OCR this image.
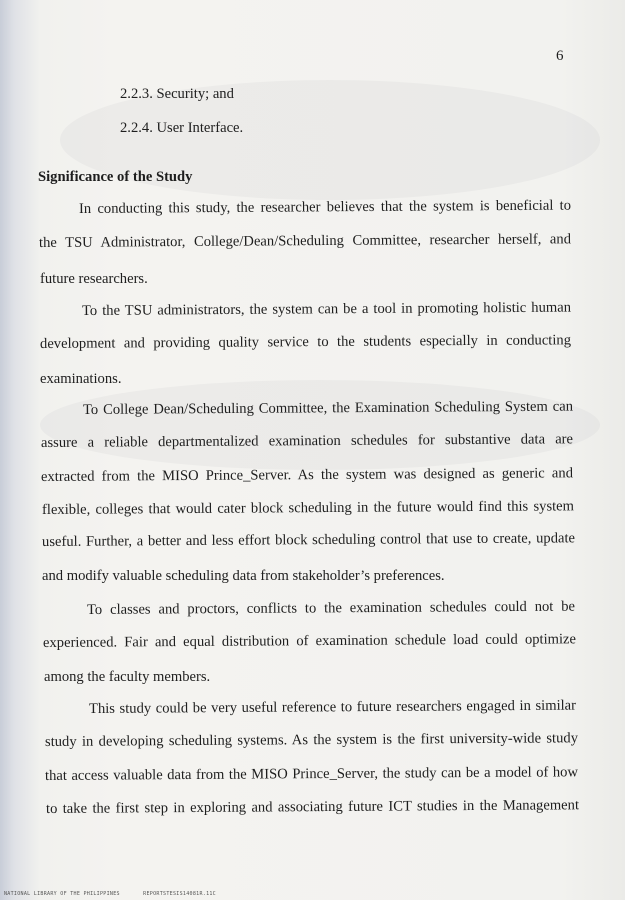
6
2.2.3. Security; and
2.2.4. User Interface.
Significance of the Study
In conducting this study, the researcher believes that the system is beneficial to
the TSU Administrator, College/Dean/Scheduling Committee, researcher herself, and
future researchers.
To the TSU administrators, the system can be a tool in promoting holistic human
development and providing quality service to the students especially in conducting
examinations.
To College Dean/Scheduling Committee, the Examination Scheduling System can
assure a reliable departmentalized examination schedules for substantive data are
extracted from the MISO Prince_Server. As the system was designed as generic and
flexible, colleges that would cater block scheduling in the future would find this system
useful. Further, a better and less effort block scheduling control that use to create, update
and modify valuable scheduling data from stakeholder’s preferences.
To classes and proctors, conflicts to the examination schedules could not be
experienced. Fair and equal distribution of examination schedule load could optimize
among the faculty members.
This study could be very useful reference to future researchers engaged in similar
study in developing scheduling systems. As the system is the first university-wide study
that access valuable data from the MISO Prince_Server, the study can be a model of how
to take the first step in exploring and associating future ICT studies in the Management
NATIONAL LIBRARY OF THE PHILIPPINES	REPORTSTESIS14081R.11C
